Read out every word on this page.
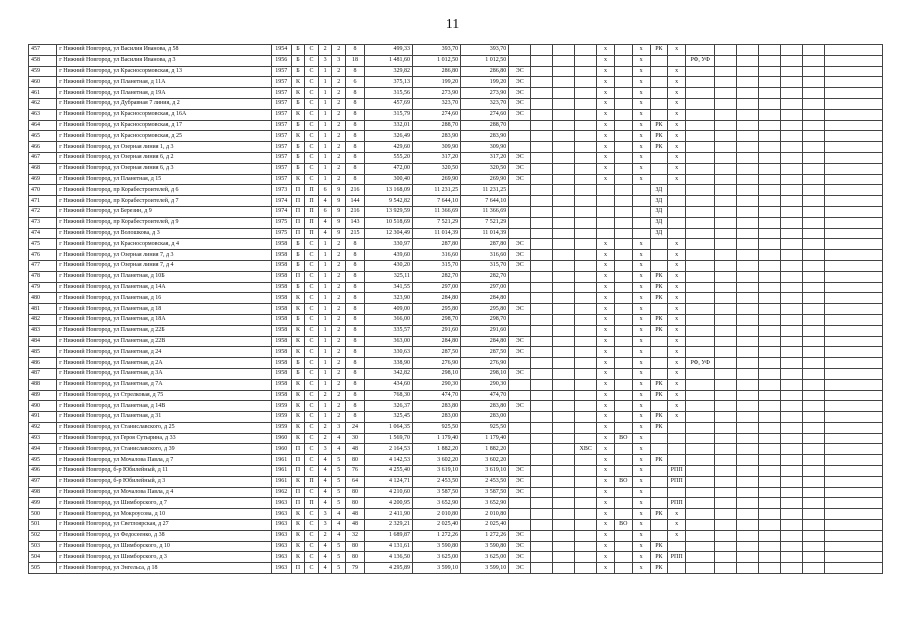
11
457	г Нижний Новгород, ул Василия Иванова, д 58	1954	Б	С	2	2	8	499,33	393,70	393,70					x		x	РК	x							
458	г Нижний Новгород, ул Василия Иванова, д 3	1956	Б	С	3	3	18	1 481,60	1 012,50	1 012,50					x		x			РФ, УФ						
459	г Нижний Новгород, ул Красносормовская, д 13	1957	Б	С	1	2	8	329,82	286,80	286,80	ЭС				x		x		x							
460	г Нижний Новгород, ул Планетная, д 11А	1957	К	С	1	2	6	375,13	199,20	199,20	ЭС				x		x		x							
461	г Нижний Новгород, ул Планетная, д 19А	1957	К	С	1	2	8	315,56	273,90	273,90	ЭС				x		x		x							
462	г Нижний Новгород, ул Дубравная 7 линия, д 2	1957	Б	С	1	2	8	457,69	323,70	323,70	ЭС				x		x		x							
463	г Нижний Новгород, ул Красносормовская, д 16А	1957	К	С	1	2	8	315,79	274,60	274,60	ЭС				x		x		x							
464	г Нижний Новгород, ул Красносормовская, д 17	1957	Б	С	1	2	8	332,01	288,70	288,70					x		x	РК	x							
465	г Нижний Новгород, ул Красносормовская, д 25	1957	К	С	1	2	8	326,49	283,90	283,90					x		x	РК	x							
466	г Нижний Новгород, ул Озерная линия 1, д 3	1957	Б	С	1	2	8	429,60	309,90	309,90					x		x	РК	x							
467	г Нижний Новгород, ул Озерная линия 6, д 2	1957	Б	С	1	2	8	555,20	317,20	317,20	ЭС				x		x		x							
468	г Нижний Новгород, ул Озерная линия 6, д 3	1957	Б	С	1	2	8	472,00	320,50	320,50	ЭС				x		x		x							
469	г Нижний Новгород, ул Планетная, д 15	1957	К	С	1	2	8	300,40	269,90	269,90	ЭС				x		x		x							
470	г Нижний Новгород, пр Корабестроителей, д 6	1973	П	П	6	9	216	13 168,09	11 231,25	11 231,25								ЗД								
471	г Нижний Новгород, пр Корабестроителей, д 7	1974	П	П	4	9	144	9 542,82	7 644,10	7 644,10								ЗД								
472	г Нижний Новгород, ул Березин, д 9	1974	П	П	6	9	216	13 929,59	11 366,69	11 366,69								ЗД								
473	г Нижний Новгород, пр Корабестроителей, д 9	1975	П	П	4	9	143	10 518,69	7 521,29	7 521,29								ЗД								
474	г Нижний Новгород, ул Волошкова, д 3	1975	П	П	4	9	215	12 304,49	11 014,39	11 014,39								ЗД								
475	г Нижний Новгород, ул Красносормовская, д 4	1958	Б	С	1	2	8	330,97	287,80	287,80	ЭС				x		x		x							
476	г Нижний Новгород, ул Озерная линия 7, д 3	1958	Б	С	1	2	8	439,60	316,60	316,60	ЭС				x		x		x							
477	г Нижний Новгород, ул Озерная линия 7, д 4	1958	Б	С	1	2	8	430,20	315,70	315,70	ЭС				x		x		x							
478	г Нижний Новгород, ул Планетная, д 10Б	1958	П	С	1	2	8	325,11	282,70	282,70					x		x	РК	x							
479	г Нижний Новгород, ул Планетная, д 14А	1958	Б	С	1	2	8	341,55	297,00	297,00					x		x	РК	x							
480	г Нижний Новгород, ул Планетная, д 16	1958	К	С	1	2	8	323,90	284,80	284,80					x		x	РК	x							
481	г Нижний Новгород, ул Планетная, д 18	1958	К	С	1	2	8	409,00	295,80	295,80	ЭС				x		x		x							
482	г Нижний Новгород, ул Планетная, д 18А	1958	Б	С	1	2	8	366,00	298,70	298,70					x		x	РК	x							
483	г Нижний Новгород, ул Планетная, д 22Б	1958	К	С	1	2	8	335,57	291,60	291,60					x		x	РК	x							
484	г Нижний Новгород, ул Планетная, д 22В	1958	К	С	1	2	8	363,00	284,80	284,80	ЭС				x		x		x							
485	г Нижний Новгород, ул Планетная, д 24	1958	К	С	1	2	8	330,63	287,50	287,50	ЭС				x		x		x							
486	г Нижний Новгород, ул Планетная, д 2А	1958	Б	С	1	2	8	338,90	276,90	276,90					x		x		x	РФ, УФ						
487	г Нижний Новгород, ул Планетная, д 3А	1958	Б	С	1	2	8	342,82	298,10	298,10	ЭС				x		x		x							
488	г Нижний Новгород, ул Планетная, д 7А	1958	К	С	1	2	8	434,60	290,30	290,30					x		x	РК	x							
489	г Нижний Новгород, ул Стрелковая, д 75	1958	К	С	2	2	8	768,30	474,70	474,70					x		x	РК	x							
490	г Нижний Новгород, ул Планетная, д 14В	1959	К	С	1	2	8	326,37	283,80	283,80	ЭС				x		x		x							
491	г Нижний Новгород, ул Планетная, д 31	1959	К	С	1	2	8	325,45	283,00	283,00					x		x	РК	x							
492	г Нижний Новгород, ул Станиславского, д 25	1959	К	С	2	3	24	1 064,35	925,50	925,50					x		x	РК								
493	г Нижний Новгород, ул Героя Сутырина, д 33	1960	К	С	2	4	30	1 569,70	1 179,40	1 179,40					x	ВО	x									
494	г Нижний Новгород, ул Станиславского, д 39	1960	П	С	3	4	48	2 164,53	1 882,20	1 882,20				ХВС	x		x									
495	г Нижний Новгород, ул Мочалова Павла, д 7	1961	П	С	4	5	80	4 142,53	3 602,20	3 602,20					x		x	РК								
496	г Нижний Новгород, б-р Юбилейный, д 11	1961	П	С	4	5	76	4 255,40	3 619,10	3 619,10	ЭС				x		x		РПП							
497	г Нижний Новгород, б-р Юбилейный, д 3	1961	К	П	4	5	64	4 124,71	2 453,50	2 453,50	ЭС				x	ВО	x		РПП							
498	г Нижний Новгород, ул Мочалова Павла, д 4	1962	П	С	4	5	80	4 210,60	3 587,50	3 587,50	ЭС				x		x									
499	г Нижний Новгород, ул Шимборского, д 7	1963	П	П	4	5	80	4 200,95	3 652,90	3 652,90					x		x		РПП							
500	г Нижний Новгород, ул Мокроусова, д 10	1963	К	С	3	4	48	2 411,90	2 010,80	2 010,80					x		x	РК	x							
501	г Нижний Новгород, ул Светлоярская, д 27	1963	К	С	3	4	48	2 329,21	2 025,40	2 025,40					x	ВО	x		x							
502	г Нижний Новгород, ул Федосеенко, д 38	1963	К	С	2	4	32	1 689,87	1 272,26	1 272,26	ЭС				x		x		x							
503	г Нижний Новгород, ул Шимборского, д 10	1963	К	С	4	5	80	4 131,61	3 590,80	3 590,80	ЭС				x		x	РК								
504	г Нижний Новгород, ул Шимборского, д 3	1963	К	С	4	5	80	4 136,50	3 625,00	3 625,00	ЭС				x		x	РК	РПП							
505	г Нижний Новгород, ул Энгельса, д 18	1963	П	С	4	5	79	4 295,89	3 599,10	3 599,10	ЭС				x		x	РК								
